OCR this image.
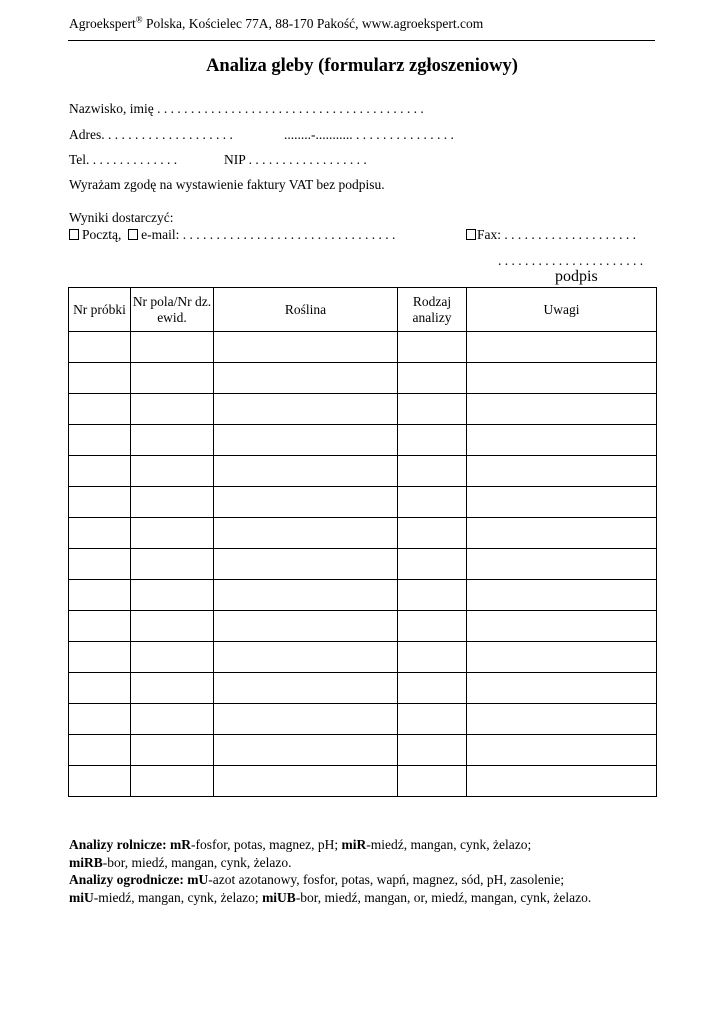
Agroekspert® Polska, Kościelec 77A, 88-170 Pakość, www.agroekspert.com
Analiza gleby (formularz zgłoszeniowy)
Nazwisko, imię . . . . . . . . . . . . . . . . . . . . . . . . . . . . . . . . . . . . . . . .
Adres. . . . . . . . . . . . . . . . . . . .	........-........... . . . . . . . . . . . . . . .
Tel. . . . . . . . . . . . . .	NIP . . . . . . . . . . . . . . . . . .
Wyrażam zgodę na wystawienie faktury VAT bez podpisu.
Wyniki dostarczyć:
Pocztą, e-mail: . . . . . . . . . . . . . . . . . . . . . . . . . . . . . . . .	Fax: . . . . . . . . . . . . . . . . . . . .
. . . . . . . . . . . . . . . . . . . . . .
podpis
Nr próbki	Nr pola/Nr dz. ewid.	Roślina	Rodzaj analizy	Uwagi

Analizy rolnicze: mR-fosfor, potas, magnez, pH; miR-miedź, mangan, cynk, żelazo;
miRB-bor, miedź, mangan, cynk, żelazo.
Analizy ogrodnicze: mU-azot azotanowy, fosfor, potas, wapń, magnez, sód, pH, zasolenie;
miU-miedź, mangan, cynk, żelazo; miUB-bor, miedź, mangan, or, miedź, mangan, cynk, żelazo.
